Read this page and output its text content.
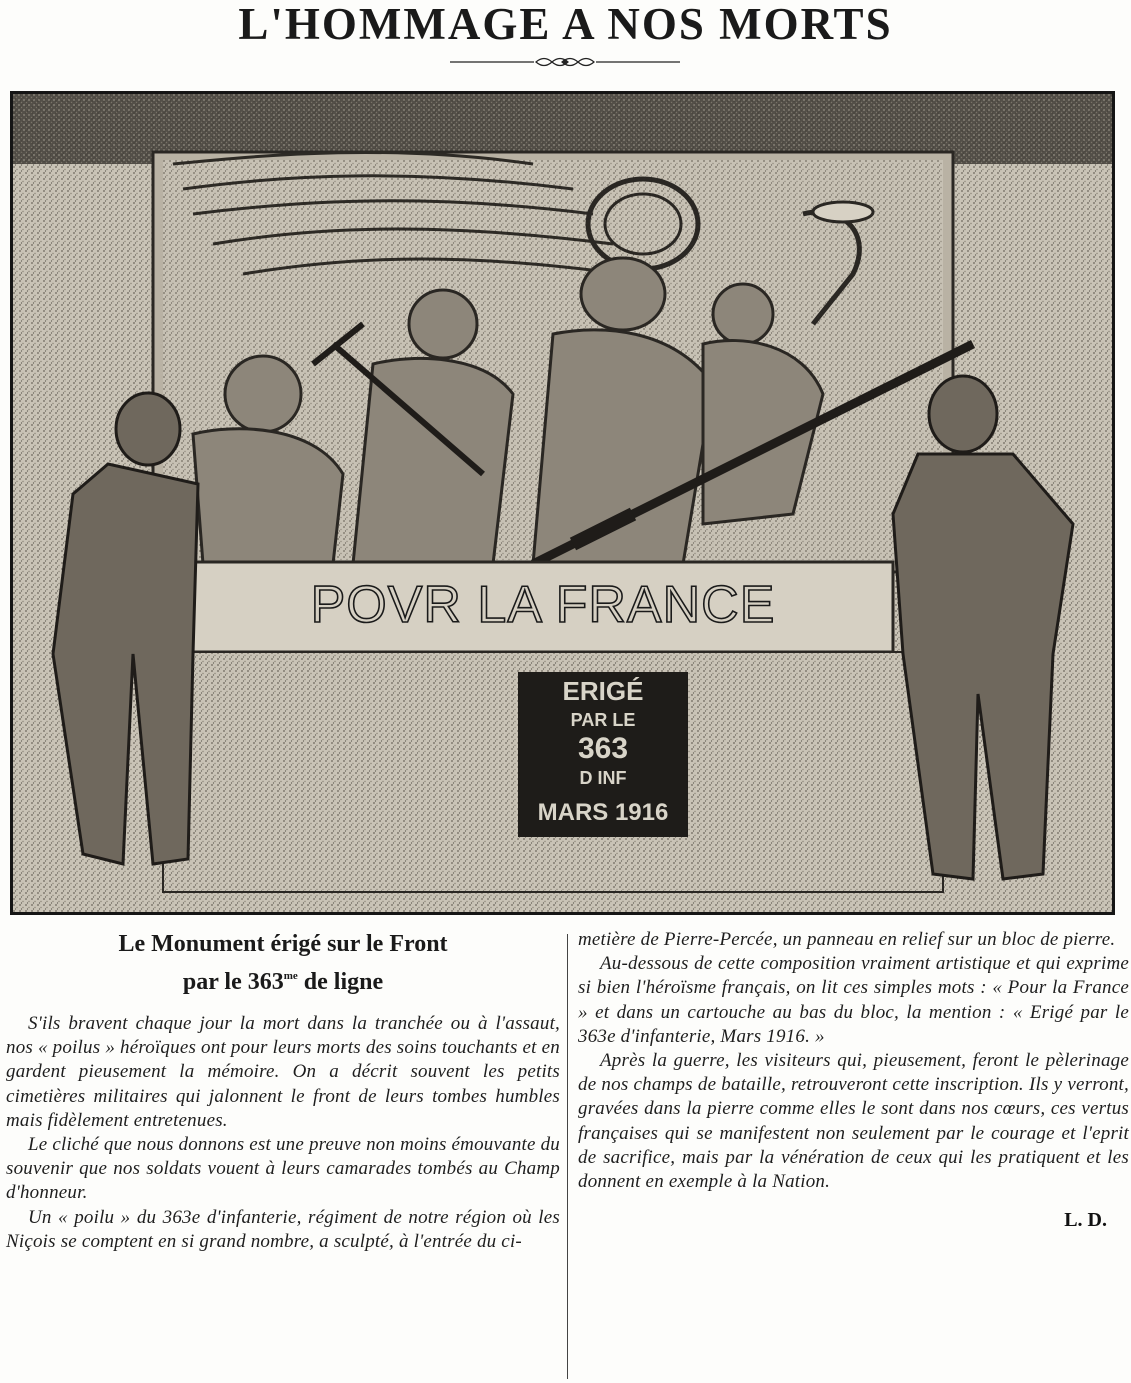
L'HOMMAGE A NOS MORTS
POVR LA FRANCE
ERIGÉ
PAR LE
363
D INF
MARS 1916
Le Monument érigé sur le Front
par le $363^{me}$ de ligne

S'ils bravent chaque jour la mort dans la tranchée ou à l'assaut, nos « poilus » héroïques ont pour leurs morts des soins touchants et en gardent pieusement la mémoire. On a décrit souvent les petits cimetières militaires qui jalonnent le front de leurs tombes humbles mais fidèlement entretenues.

Le cliché que nous donnons est une preuve non moins émouvante du souvenir que nos soldats vouent à leurs camarades tombés au Champ d'honneur.

Un « poilu » du 363e d'infanterie, régiment de notre région où les Niçois se comptent en si grand nombre, a sculpté, à l'entrée du ci-

metière de Pierre-Percée, un panneau en relief sur un bloc de pierre.

Au-dessous de cette composition vraiment artistique et qui exprime si bien l'héroïsme français, on lit ces simples mots : « Pour la France » et dans un cartouche au bas du bloc, la mention : « Erigé par le 363e d'infanterie, Mars 1916. »

Après la guerre, les visiteurs qui, pieusement, feront le pèlerinage de nos champs de bataille, retrouveront cette inscription. Ils y verront, gravées dans la pierre comme elles le sont dans nos cœurs, ces vertus françaises qui se manifestent non seulement par le courage et l'eprit de sacrifice, mais par la vénération de ceux qui les pratiquent et les donnent en exemple à la Nation.

L. D.
